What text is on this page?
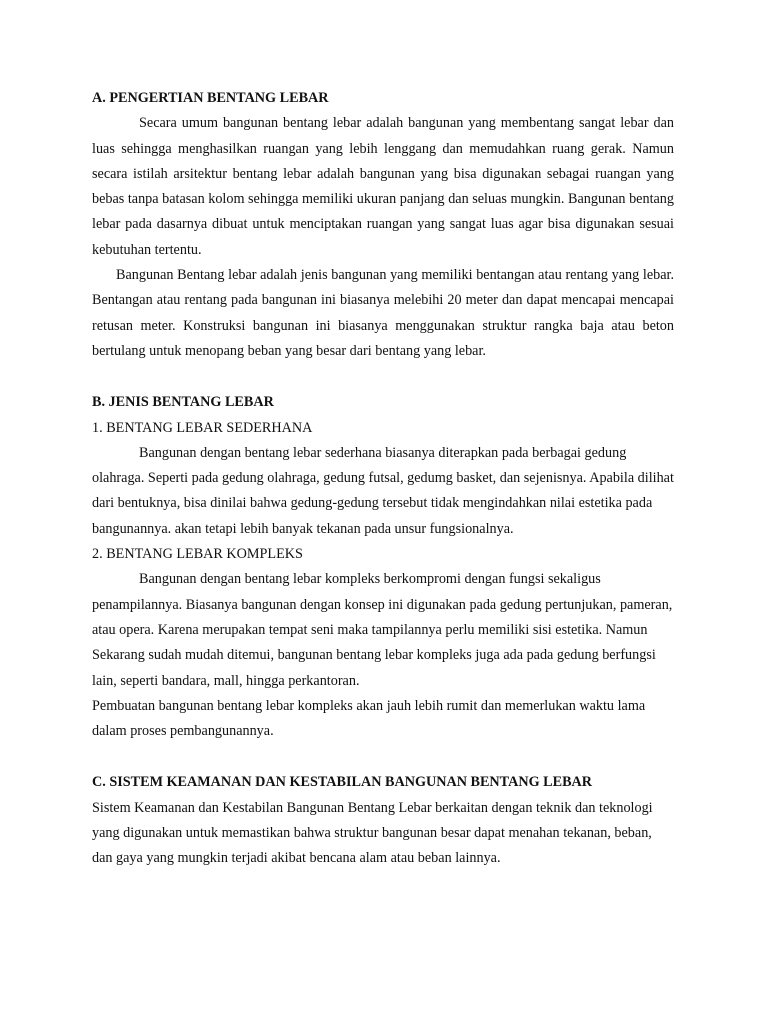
A. PENGERTIAN BENTANG LEBAR

Secara umum bangunan bentang lebar adalah bangunan yang membentang sangat lebar dan luas sehingga menghasilkan ruangan yang lebih lenggang dan memudahkan ruang gerak. Namun secara istilah arsitektur bentang lebar adalah bangunan yang bisa digunakan sebagai ruangan yang bebas tanpa batasan kolom sehingga memiliki ukuran panjang dan seluas mungkin. Bangunan bentang lebar pada dasarnya dibuat untuk menciptakan ruangan yang sangat luas agar bisa digunakan sesuai kebutuhan tertentu.

Bangunan Bentang lebar adalah jenis bangunan yang memiliki bentangan atau rentang yang lebar. Bentangan atau rentang pada bangunan ini biasanya melebihi 20 meter dan dapat mencapai mencapai retusan meter. Konstruksi bangunan ini biasanya menggunakan struktur rangka baja atau beton bertulang untuk menopang beban yang besar dari bentang yang lebar.

B. JENIS BENTANG LEBAR

1. BENTANG LEBAR SEDERHANA

Bangunan dengan bentang lebar sederhana biasanya diterapkan pada berbagai gedung olahraga. Seperti pada gedung olahraga, gedung futsal, gedumg basket, dan sejenisnya. Apabila dilihat dari bentuknya, bisa dinilai bahwa gedung-gedung tersebut tidak mengindahkan nilai estetika pada bangunannya. akan tetapi lebih banyak tekanan pada unsur fungsionalnya.

2. BENTANG LEBAR KOMPLEKS

Bangunan dengan bentang lebar kompleks berkompromi dengan fungsi sekaligus penampilannya. Biasanya bangunan dengan konsep ini digunakan pada gedung pertunjukan, pameran, atau opera. Karena merupakan tempat seni maka tampilannya perlu memiliki sisi estetika. Namun Sekarang sudah mudah ditemui, bangunan bentang lebar kompleks juga ada pada gedung berfungsi lain, seperti bandara, mall, hingga perkantoran.

Pembuatan bangunan bentang lebar kompleks akan jauh lebih rumit dan memerlukan waktu lama dalam proses pembangunannya.

C. SISTEM KEAMANAN DAN KESTABILAN BANGUNAN BENTANG LEBAR

Sistem Keamanan dan Kestabilan Bangunan Bentang Lebar berkaitan dengan teknik dan teknologi yang digunakan untuk memastikan bahwa struktur bangunan besar dapat menahan tekanan, beban, dan gaya yang mungkin terjadi akibat bencana alam atau beban lainnya.
